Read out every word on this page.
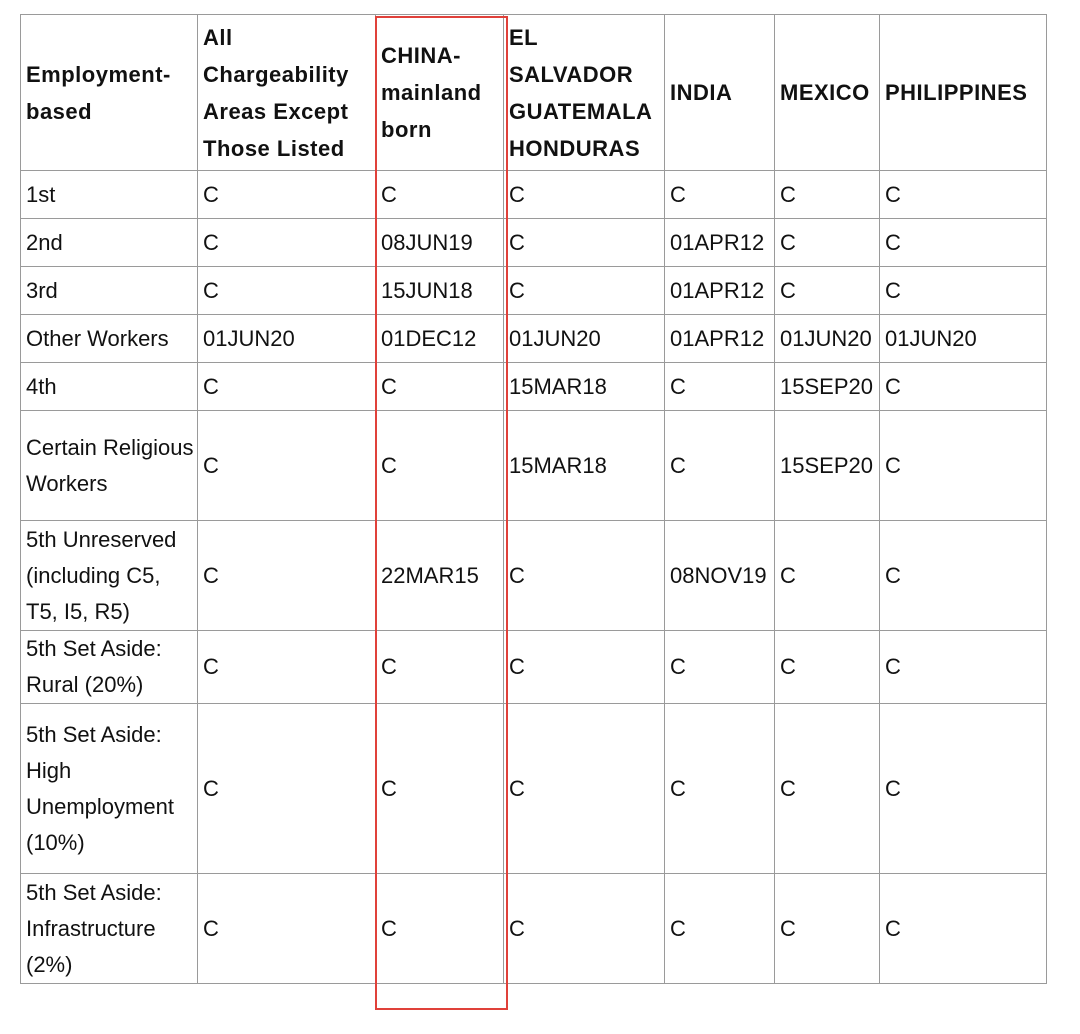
Employment-based	All Chargeability Areas Except Those Listed	CHINA-mainland born	EL SALVADOR GUATEMALA HONDURAS	INDIA	MEXICO	PHILIPPINES
1st	C	C	C	C	C	C
2nd	C	08JUN19	C	01APR12	C	C
3rd	C	15JUN18	C	01APR12	C	C
Other Workers	01JUN20	01DEC12	01JUN20	01APR12	01JUN20	01JUN20
4th	C	C	15MAR18	C	15SEP20	C
Certain Religious Workers	C	C	15MAR18	C	15SEP20	C
5th Unreserved (including C5, T5, I5, R5)	C	22MAR15	C	08NOV19	C	C
5th Set Aside: Rural (20%)	C	C	C	C	C	C
5th Set Aside: High Unemployment (10%)	C	C	C	C	C	C
5th Set Aside: Infrastructure (2%)	C	C	C	C	C	C
